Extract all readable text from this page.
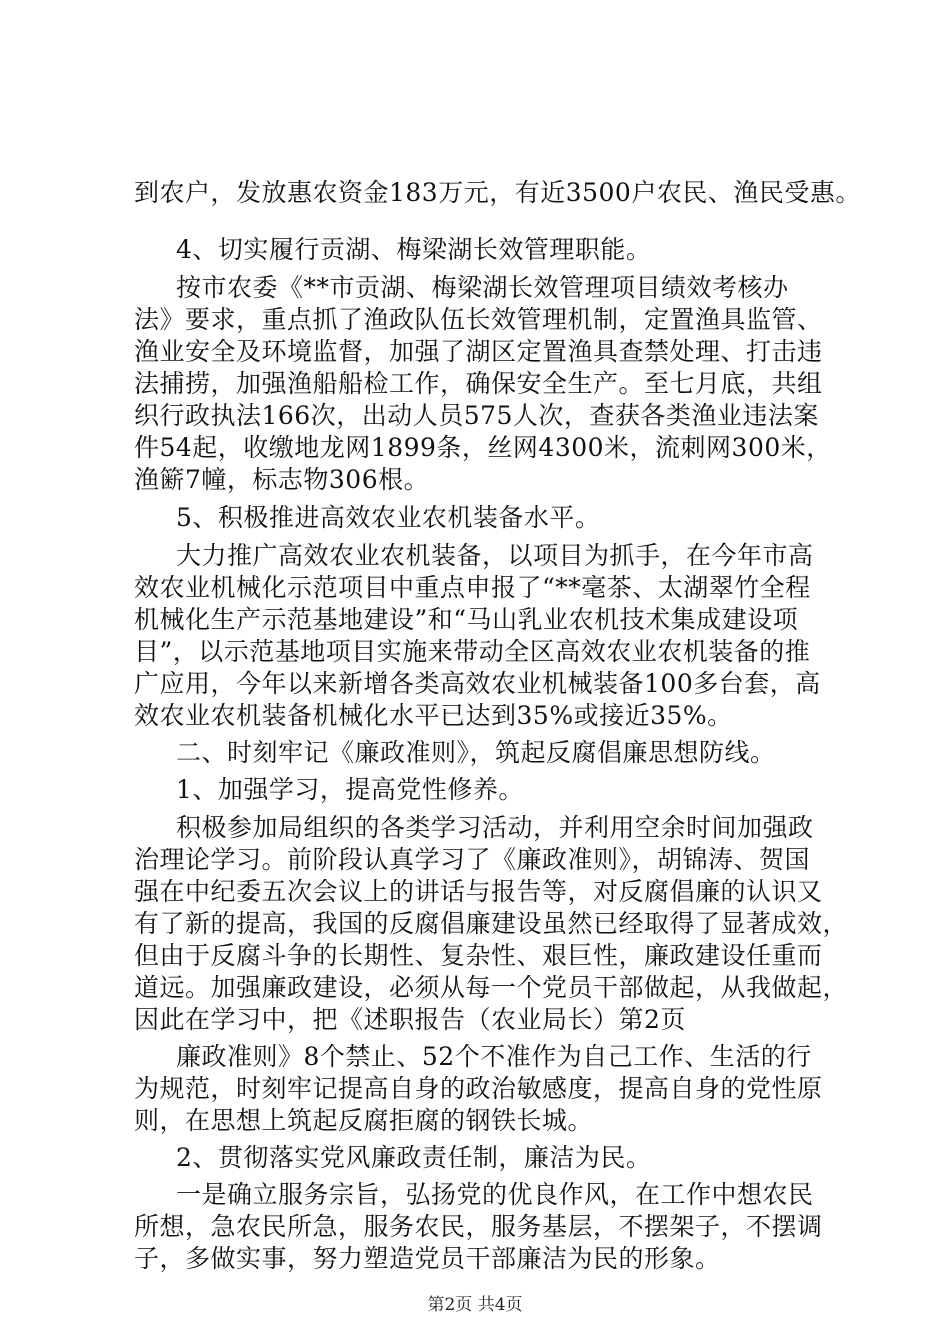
到农户，发放惠农资金183万元，有近3500户农民、渔民受惠。
4、切实履行贡湖、梅梁湖长效管理职能。
按市农委《**市贡湖、梅梁湖长效管理项目绩效考核办
法》要求，重点抓了渔政队伍长效管理机制，定置渔具监管、
渔业安全及环境监督，加强了湖区定置渔具查禁处理、打击违
法捕捞，加强渔船船检工作，确保安全生产。至七月底，共组
织行政执法166次，出动人员575人次，查获各类渔业违法案
件54起，收缴地龙网1899条，丝网4300米，流刺网300米，
渔簖7幢，标志物306根。
5、积极推进高效农业农机装备水平。
大力推广高效农业农机装备，以项目为抓手，在今年市高
效农业机械化示范项目中重点申报了“**毫茶、太湖翠竹全程
机械化生产示范基地建设”和“马山乳业农机技术集成建设项
目”，以示范基地项目实施来带动全区高效农业农机装备的推
广应用，今年以来新增各类高效农业机械装备100多台套，高
效农业农机装备机械化水平已达到35%或接近35%。
二、时刻牢记《廉政准则》，筑起反腐倡廉思想防线。
1、加强学习，提高党性修养。
积极参加局组织的各类学习活动，并利用空余时间加强政
治理论学习。前阶段认真学习了《廉政准则》，胡锦涛、贺国
强在中纪委五次会议上的讲话与报告等，对反腐倡廉的认识又
有了新的提高，我国的反腐倡廉建设虽然已经取得了显著成效，
但由于反腐斗争的长期性、复杂性、艰巨性，廉政建设任重而
道远。加强廉政建设，必须从每一个党员干部做起，从我做起，
因此在学习中，把《述职报告（农业局长）第2页
廉政准则》8个禁止、52个不准作为自己工作、生活的行
为规范，时刻牢记提高自身的政治敏感度，提高自身的党性原
则，在思想上筑起反腐拒腐的钢铁长城。
2、贯彻落实党风廉政责任制，廉洁为民。
一是确立服务宗旨，弘扬党的优良作风，在工作中想农民
所想，急农民所急，服务农民，服务基层，不摆架子，不摆调
子，多做实事，努力塑造党员干部廉洁为民的形象。
第2页 共4页
